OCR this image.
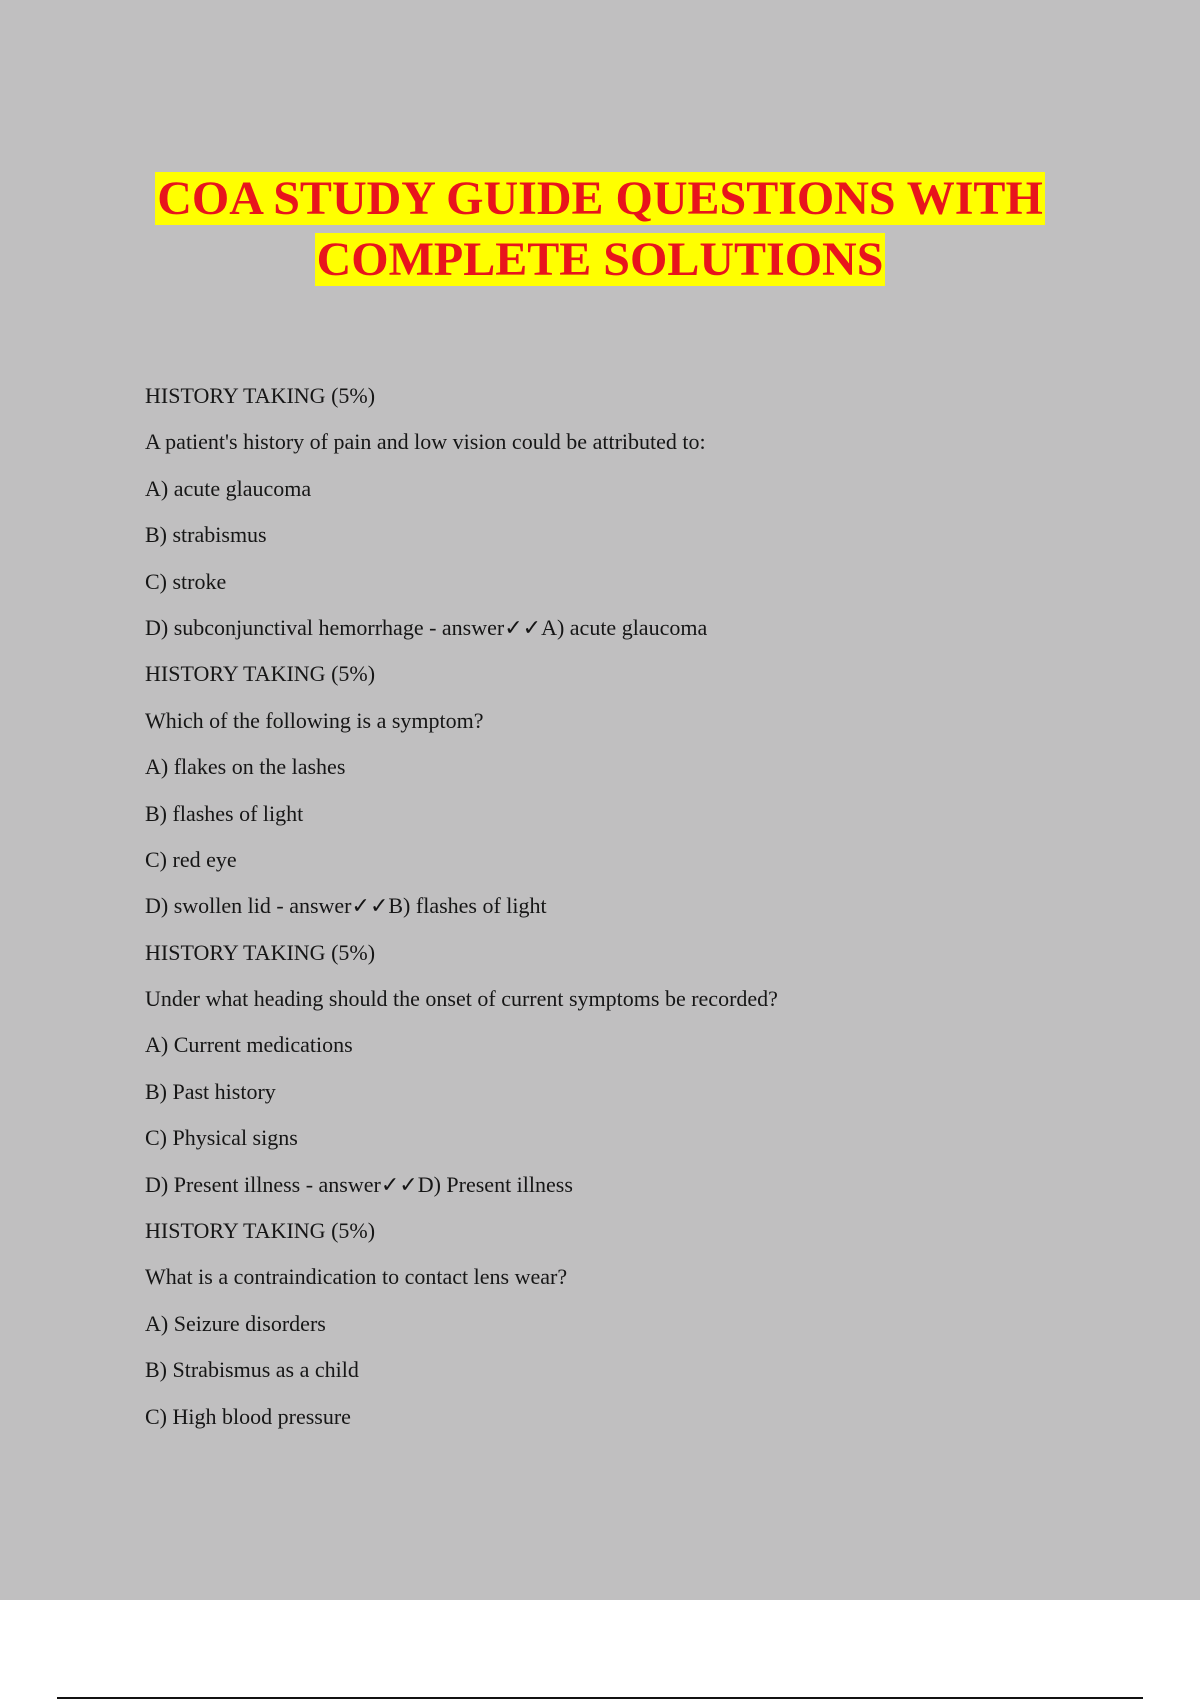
COA STUDY GUIDE QUESTIONS WITH
COMPLETE SOLUTIONS
HISTORY TAKING (5%)
A patient's history of pain and low vision could be attributed to:
A) acute glaucoma
B) strabismus
C) stroke
D) subconjunctival hemorrhage - answer✓✓A) acute glaucoma
HISTORY TAKING (5%)
Which of the following is a symptom?
A) flakes on the lashes
B) flashes of light
C) red eye
D) swollen lid - answer✓✓B) flashes of light
HISTORY TAKING (5%)
Under what heading should the onset of current symptoms be recorded?
A) Current medications
B) Past history
C) Physical signs
D) Present illness - answer✓✓D) Present illness
HISTORY TAKING (5%)
What is a contraindication to contact lens wear?
A) Seizure disorders
B) Strabismus as a child
C) High blood pressure
